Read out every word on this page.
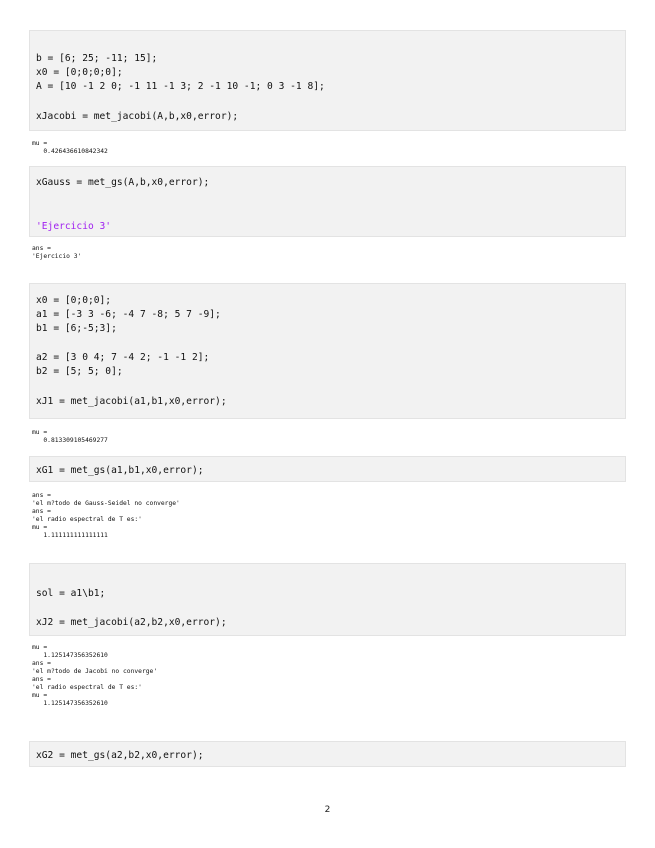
b = [6; 25; -11; 15];
x0 = [0;0;0;0];
A = [10 -1 2 0; -1 11 -1 3; 2 -1 10 -1; 0 3 -1 8];
xJacobi = met_jacobi(A,b,x0,error);

mu =

0.426436610842342

xGauss = met_gs(A,b,x0,error);
'Ejercicio 3'

ans =

'Ejercicio 3'

x0 = [0;0;0];
a1 = [-3 3 -6; -4 7 -8; 5 7 -9];
b1 = [6;-5;3];
a2 = [3 0 4; 7 -4 2; -1 -1 2];
b2 = [5; 5; 0];
xJ1 = met_jacobi(a1,b1,x0,error);

mu =

0.813309105469277

xG1 = met_gs(a1,b1,x0,error);

ans =

'el m?todo de Gauss-Seidel no converge'

ans =

'el radio espectral de T es:'

mu =

1.111111111111111

sol = a1\b1;
xJ2 = met_jacobi(a2,b2,x0,error);

mu =

1.125147356352610

ans =

'el m?todo de Jacobi no converge'

ans =

'el radio espectral de T es:'

mu =

1.125147356352610

xG2 = met_gs(a2,b2,x0,error);
2
